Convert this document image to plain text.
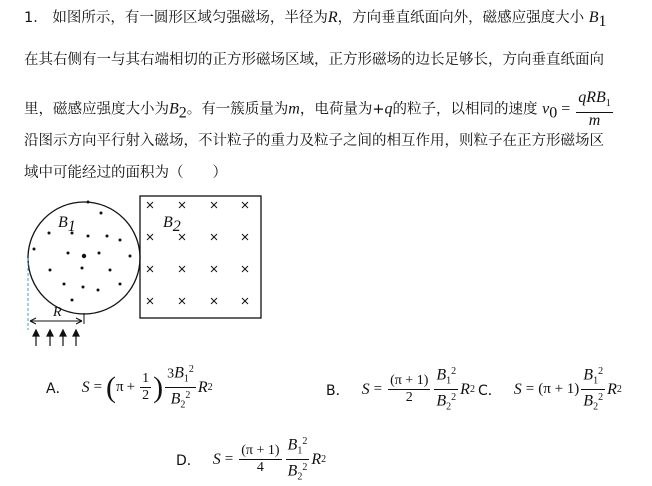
1． 如图所示，有一圆形区域匀强磁场，半径为R，方向垂直纸面向外，磁感应强度大小 $B_1$
在其右侧有一与其右端相切的正方形磁场区域，正方形磁场的边长足够长，方向垂直纸面向
里，磁感应强度大小为$B_2$。有一簇质量为m，电荷量为+q的粒子，以相同的速度 $v_0 = \frac{qRB_1}{m}$
沿图示方向平行射入磁场，不计粒子的重力及粒子之间的相互作用，则粒子在正方形磁场区
域中可能经过的面积为（　　）
$B_1$	$B_2$
R
A． S = ( $\pi + \frac{1}{2}$ ) $\frac{3B_1^2}{B_2^2}$ R 2	B． $S = \frac{(\pi + 1)}{2} \frac{B_1^2}{B_2^2}$ R 2 C． $S = (\pi + 1) \frac{B_1^2}{B_2^2}$ R 2
D． $S = \frac{(\pi + 1)}{4} \frac{B_1^2}{B_2^2}$ R 2
